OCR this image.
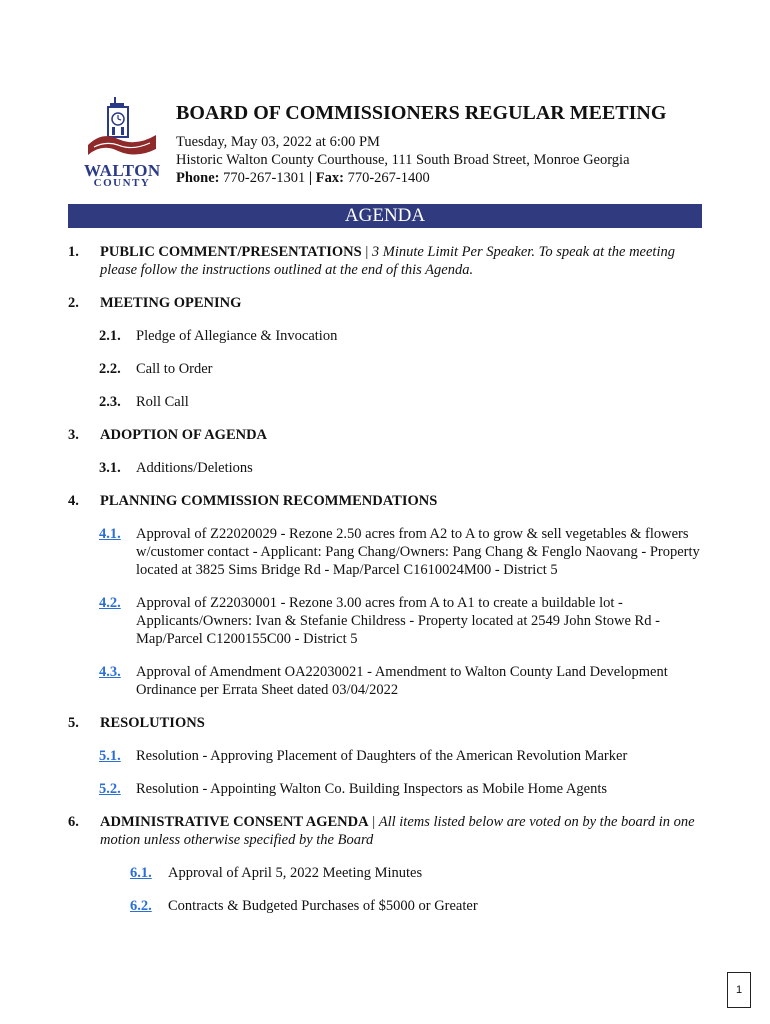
WALTON
COUNTY
BOARD OF COMMISSIONERS REGULAR MEETING
Tuesday, May 03, 2022 at 6:00 PM
Historic Walton County Courthouse, 111 South Broad Street, Monroe Georgia
Phone: 770-267-1301 | Fax: 770-267-1400
AGENDA
1. PUBLIC COMMENT/PRESENTATIONS | 3 Minute Limit Per Speaker. To speak at the meeting please follow the instructions outlined at the end of this Agenda.
2. MEETING OPENING
2.1. Pledge of Allegiance & Invocation
2.2. Call to Order
2.3. Roll Call
3. ADOPTION OF AGENDA
3.1. Additions/Deletions
4. PLANNING COMMISSION RECOMMENDATIONS
4.1. Approval of Z22020029 - Rezone 2.50 acres from A2 to A to grow & sell vegetables & flowers w/customer contact - Applicant: Pang Chang/Owners: Pang Chang & Fenglo Naovang - Property located at 3825 Sims Bridge Rd - Map/Parcel C1610024M00 - District 5
4.2. Approval of Z22030001 - Rezone 3.00 acres from A to A1 to create a buildable lot - Applicants/Owners: Ivan & Stefanie Childress - Property located at 2549 John Stowe Rd - Map/Parcel C1200155C00 - District 5
4.3. Approval of Amendment OA22030021 - Amendment to Walton County Land Development Ordinance per Errata Sheet dated 03/04/2022
5. RESOLUTIONS
5.1. Resolution - Approving Placement of Daughters of the American Revolution Marker
5.2. Resolution - Appointing Walton Co. Building Inspectors as Mobile Home Agents
6. ADMINISTRATIVE CONSENT AGENDA | All items listed below are voted on by the board in one motion unless otherwise specified by the Board
6.1. Approval of April 5, 2022 Meeting Minutes
6.2. Contracts & Budgeted Purchases of $5000 or Greater
1
